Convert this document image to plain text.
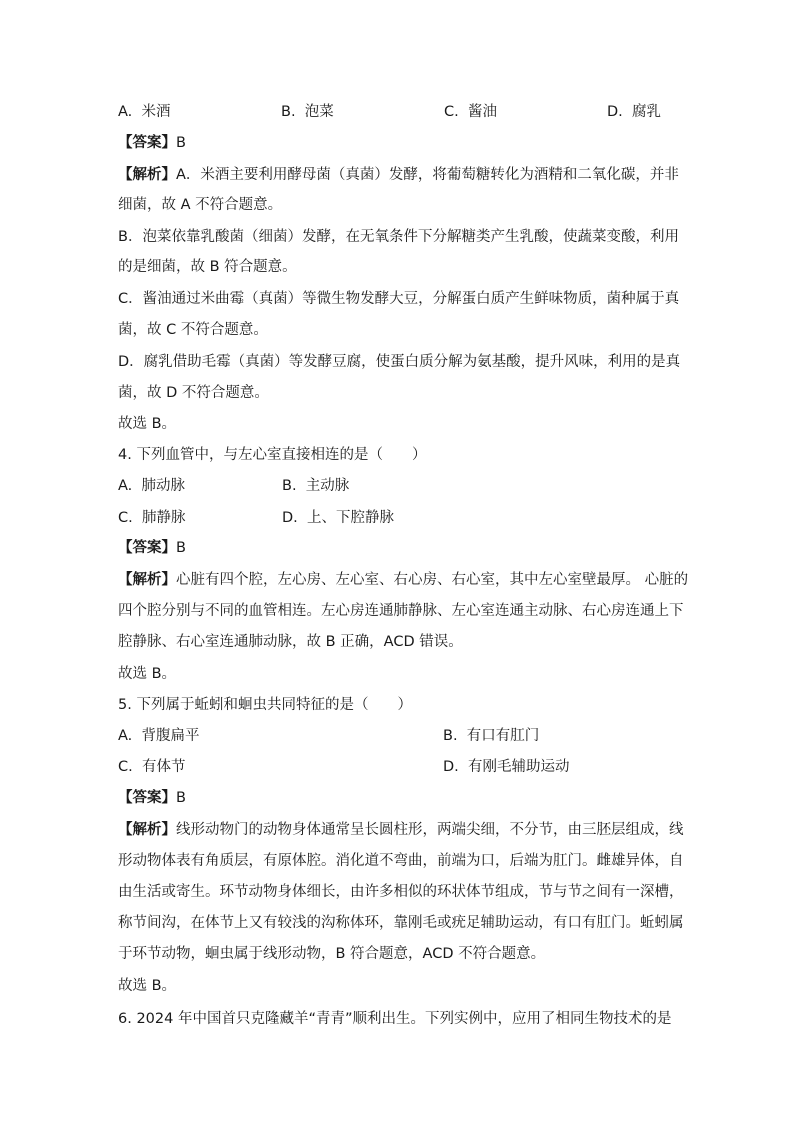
A. 米酒	B. 泡菜	C. 酱油	D. 腐乳
【答案】B
【解析】A．米酒主要利用酵母菌（真菌）发酵，将葡萄糖转化为酒精和二氧化碳，并非
细菌，故 A 不符合题意。
B．泡菜依靠乳酸菌（细菌）发酵，在无氧条件下分解糖类产生乳酸，使蔬菜变酸，利用
的是细菌，故 B 符合题意。
C．酱油通过米曲霉（真菌）等微生物发酵大豆，分解蛋白质产生鲜味物质，菌种属于真
菌，故 C 不符合题意。
D．腐乳借助毛霉（真菌）等发酵豆腐，使蛋白质分解为氨基酸，提升风味，利用的是真
菌，故 D 不符合题意。
故选 B。
4. 下列血管中，与左心室直接相连的是（　　）
A. 肺动脉	B. 主动脉
C. 肺静脉	D. 上、下腔静脉
【答案】B
【解析】心脏有四个腔，左心房、左心室、右心房、右心室，其中左心室壁最厚。 心脏的
四个腔分别与不同的血管相连。左心房连通肺静脉、左心室连通主动脉、右心房连通上下
腔静脉、右心室连通肺动脉，故 B 正确，ACD 错误。
故选 B。
5. 下列属于蚯蚓和蛔虫共同特征的是（　　）
A. 背腹扁平	B. 有口有肛门
C. 有体节	D. 有刚毛辅助运动
【答案】B
【解析】线形动物门的动物身体通常呈长圆柱形，两端尖细，不分节，由三胚层组成，线
形动物体表有角质层，有原体腔。消化道不弯曲，前端为口，后端为肛门。雌雄异体，自
由生活或寄生。环节动物身体细长，由许多相似的环状体节组成，节与节之间有一深槽，
称节间沟，在体节上又有较浅的沟称体环，靠刚毛或疣足辅助运动，有口有肛门。蚯蚓属
于环节动物，蛔虫属于线形动物，B 符合题意，ACD 不符合题意。
故选 B。
6. 2024 年中国首只克隆藏羊“青青”顺利出生。下列实例中，应用了相同生物技术的是
